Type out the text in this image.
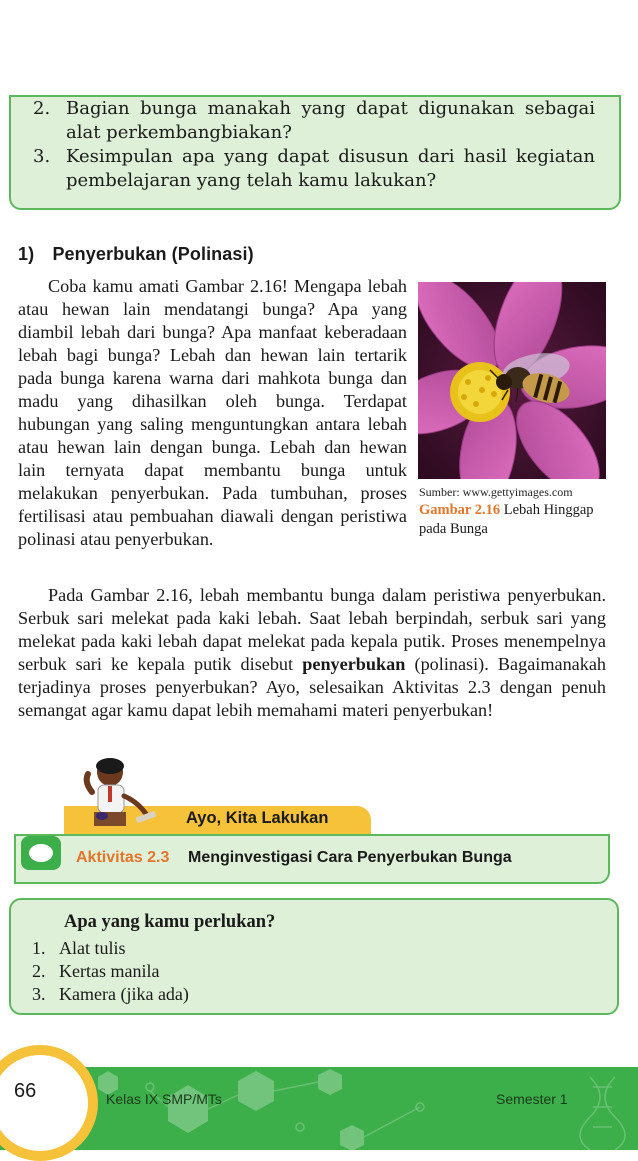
2. Bagian bunga manakah yang dapat digunakan sebagai alat perkembangbiakan?
3. Kesimpulan apa yang dapat disusun dari hasil kegiatan pembelajaran yang telah kamu lakukan?
1) Penyerbukan (Polinasi)

Coba kamu amati Gambar 2.16! Mengapa lebah atau hewan lain mendatangi bunga? Apa yang diambil lebah dari bunga? Apa manfaat keberadaan lebah bagi bunga? Lebah dan hewan lain tertarik pada bunga karena warna dari mahkota bunga dan madu yang dihasilkan oleh bunga. Terdapat hubungan yang saling menguntungkan antara lebah atau hewan lain dengan bunga. Lebah dan hewan lain ternyata dapat membantu bunga untuk melakukan penyerbukan. Pada tumbuhan, proses fertilisasi atau pembuahan diawali dengan peristiwa polinasi atau penyerbukan.

Sumber: www.gettyimages.com
Gambar 2.16 Lebah Hinggap pada Bunga

Pada Gambar 2.16, lebah membantu bunga dalam peristiwa penyerbukan. Serbuk sari melekat pada kaki lebah. Saat lebah berpindah, serbuk sari yang melekat pada kaki lebah dapat melekat pada kepala putik. Proses menempelnya serbuk sari ke kepala putik disebut penyerbukan (polinasi). Bagaimanakah terjadinya proses penyerbukan? Ayo, selesaikan Aktivitas 2.3 dengan penuh semangat agar kamu dapat lebih memahami materi penyerbukan!

Ayo, Kita Lakukan
Aktivitas 2.3 Menginvestigasi Cara Penyerbukan Bunga
Apa yang kamu perlukan?
1. Alat tulis
2. Kertas manila
3. Kamera (jika ada)
66	Kelas IX SMP/MTs	Semester 1
